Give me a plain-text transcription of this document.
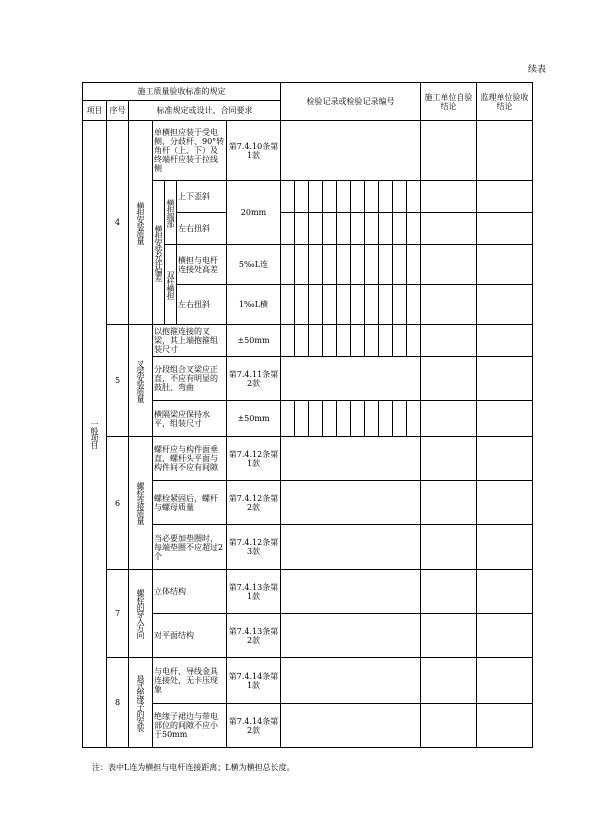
续表
施工质量验收标准的规定							检验记录或检验记录编号										施工单位自验结论	监理单位验收结论
项目	序号	标准规定或设计、合同要求																

一般项目	4	横担安装质量	单横担应装于受电侧，分歧杆、90°转角杆（上、下）及终端杆应装于拉线侧			第7.4.10条第1款												

			横担安装允许偏差	横担端部	上下歪斜	20mm												
					左右扭斜													

				双杆横担	横担与电杆连接处高差	5‰L连												
					左右扭斜	1‰L横												

	5	叉梁安装质量	以抱箍连接的叉梁，其上端抱箍组装尺寸			±50mm												
			分段组合叉梁应正直，不应有明显的鼓肚、弯曲			第7.4.11条第2款												
			横隔梁应保持水平，组装尺寸			±50mm												
	6	螺栓连接质量	螺杆应与构件面垂直，螺杆头平面与构件间不应有间隙			第7.4.12条第1款												
			螺栓紧固后，螺杆与螺母质量			第7.4.12条第2款												
			当必要加垫圈时，每端垫圈不应超过2个			第7.4.12条第3款												
	7	螺栓的穿入方向	立体结构			第7.4.13条第1款												
			对平面结构			第7.4.13条第2款												
	8	悬式绝缘子的安装	与电杆、导线金具连接处，无卡压现象			第7.4.14条第1款												
			绝缘子裙边与带电部位的间隙不应小于50mm			第7.4.14条第2款												
注：表中L连为横担与电杆连接距离；L横为横担总长度。
